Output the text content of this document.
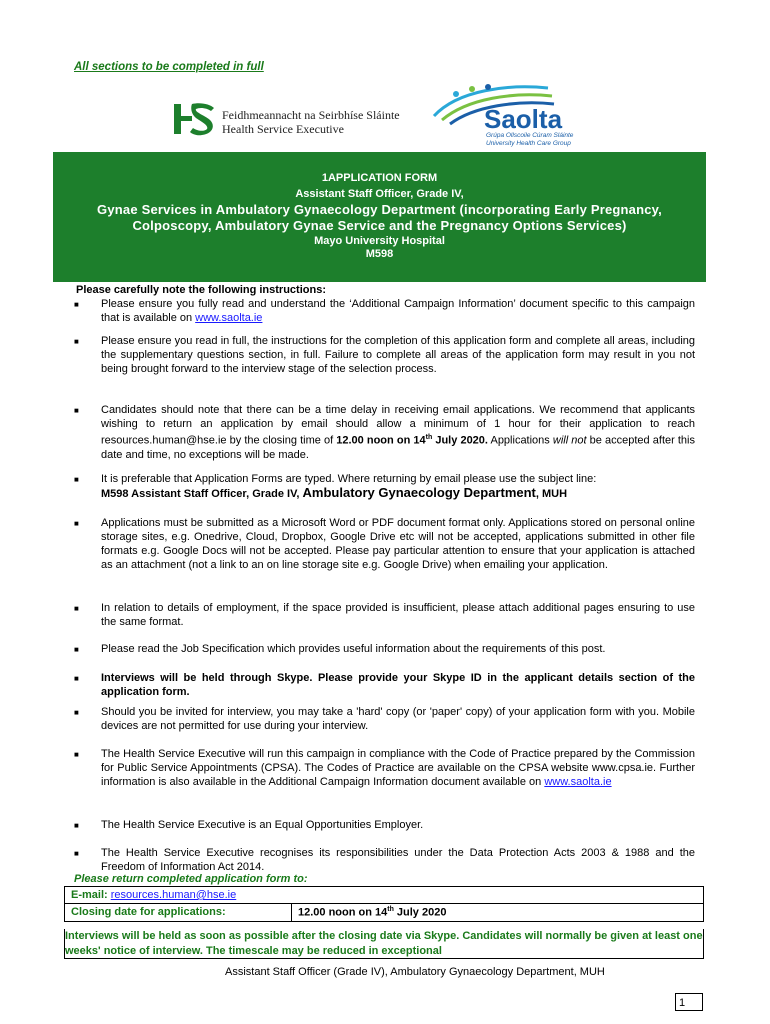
All sections to be completed in full
Feidhmeannacht na Seirbhíse Sláinte
Health Service Executive	Saolta
Grúpa Ollscoile Cúram Sláinte
University Health Care Group
1APPLICATION FORM
Assistant Staff Officer, Grade IV,
Gynae Services in Ambulatory Gynaecology Department (incorporating Early Pregnancy, Colposcopy, Ambulatory Gynae Service and the Pregnancy Options Services)
Mayo University Hospital
M598
Please carefully note the following instructions:
■ Please ensure you fully read and understand the ‘Additional Campaign Information’ document specific to this campaign that is available on www.saolta.ie
■ Please ensure you read in full, the instructions for the completion of this application form and complete all areas, including the supplementary questions section, in full. Failure to complete all areas of the application form may result in you not being brought forward to the interview stage of the selection process.
■ Candidates should note that there can be a time delay in receiving email applications. We recommend that applicants wishing to return an application by email should allow a minimum of 1 hour for their application to reach resources.human@hse.ie by the closing time of 12.00 noon on 14th July 2020. Applications will not be accepted after this date and time, no exceptions will be made.
■ It is preferable that Application Forms are typed. Where returning by email please use the subject line:
M598 Assistant Staff Officer, Grade IV, Ambulatory Gynaecology Department, MUH
■ Applications must be submitted as a Microsoft Word or PDF document format only. Applications stored on personal online storage sites, e.g. Onedrive, Cloud, Dropbox, Google Drive etc will not be accepted, applications submitted in other file formats e.g. Google Docs will not be accepted. Please pay particular attention to ensure that your application is attached as an attachment (not a link to an on line storage site e.g. Google Drive) when emailing your application.
■ In relation to details of employment, if the space provided is insufficient, please attach additional pages ensuring to use the same format.
■ Please read the Job Specification which provides useful information about the requirements of this post.
■ Interviews will be held through Skype. Please provide your Skype ID in the applicant details section of the application form.
■ Should you be invited for interview, you may take a 'hard' copy (or 'paper' copy) of your application form with you. Mobile devices are not permitted for use during your interview.
■ The Health Service Executive will run this campaign in compliance with the Code of Practice prepared by the Commission for Public Service Appointments (CPSA). The Codes of Practice are available on the CPSA website www.cpsa.ie. Further information is also available in the Additional Campaign Information document available on www.saolta.ie
■ The Health Service Executive is an Equal Opportunities Employer.
■ The Health Service Executive recognises its responsibilities under the Data Protection Acts 2003 & 1988 and the Freedom of Information Act 2014.
Please return completed application form to:
E-mail: resources.human@hse.ie
Closing date for applications:	12.00 noon on 14th July 2020
Interviews will be held as soon as possible after the closing date via Skype. Candidates will normally be given at least one weeks' notice of interview. The timescale may be reduced in exceptional
Assistant Staff Officer (Grade IV), Ambulatory Gynaecology Department, MUH
1
